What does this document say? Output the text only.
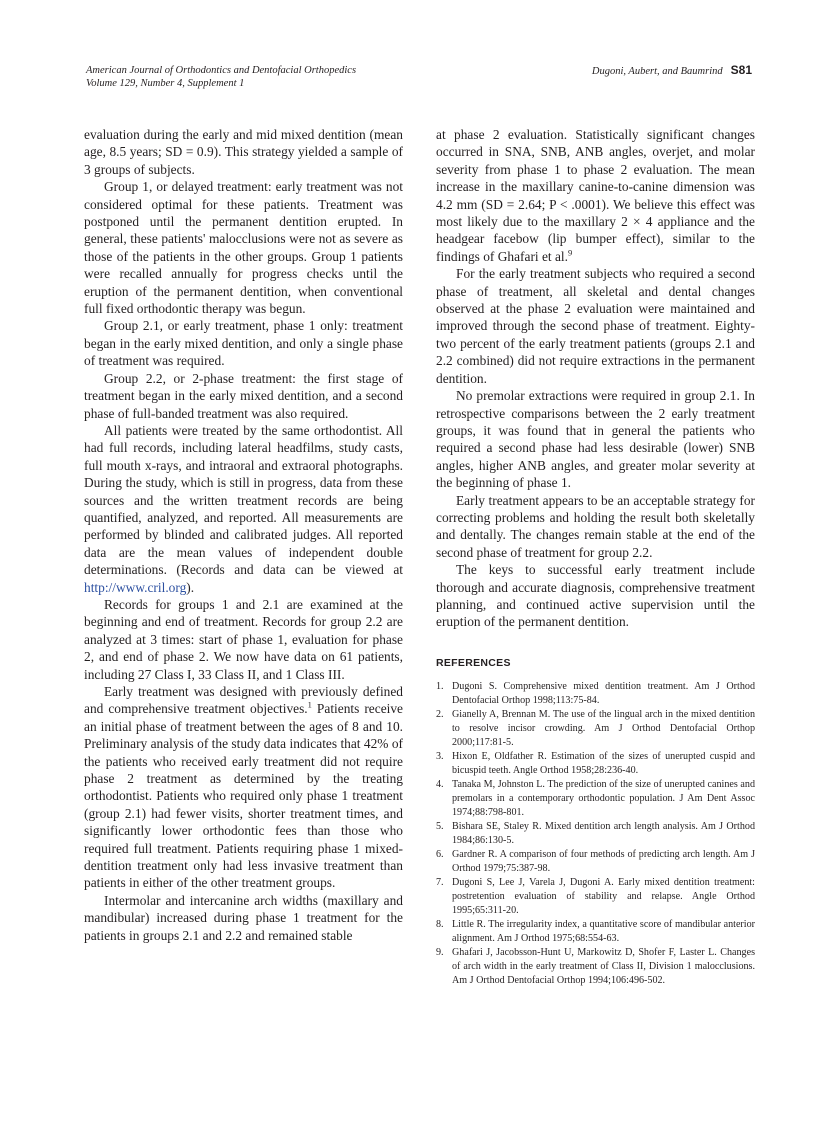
American Journal of Orthodontics and Dentofacial Orthopedics
Volume 129, Number 4, Supplement 1
Dugoni, Aubert, and Baumrind S81

evaluation during the early and mid mixed dentition (mean age, 8.5 years; SD = 0.9). This strategy yielded a sample of 3 groups of subjects.

Group 1, or delayed treatment: early treatment was not considered optimal for these patients. Treatment was postponed until the permanent dentition erupted. In general, these patients' malocclusions were not as severe as those of the patients in the other groups. Group 1 patients were recalled annually for progress checks until the eruption of the permanent dentition, when conventional full fixed orthodontic therapy was begun.

Group 2.1, or early treatment, phase 1 only: treatment began in the early mixed dentition, and only a single phase of treatment was required.

Group 2.2, or 2-phase treatment: the first stage of treatment began in the early mixed dentition, and a second phase of full-banded treatment was also required.

All patients were treated by the same orthodontist. All had full records, including lateral headfilms, study casts, full mouth x-rays, and intraoral and extraoral photographs. During the study, which is still in progress, data from these sources and the written treatment records are being quantified, analyzed, and reported. All measurements are performed by blinded and calibrated judges. All reported data are the mean values of independent double determinations. (Records and data can be viewed at http://www.cril.org).

Records for groups 1 and 2.1 are examined at the beginning and end of treatment. Records for group 2.2 are analyzed at 3 times: start of phase 1, evaluation for phase 2, and end of phase 2. We now have data on 61 patients, including 27 Class I, 33 Class II, and 1 Class III.

Early treatment was designed with previously defined and comprehensive treatment objectives.$^1$ Patients receive an initial phase of treatment between the ages of 8 and 10. Preliminary analysis of the study data indicates that 42% of the patients who received early treatment did not require phase 2 treatment as determined by the treating orthodontist. Patients who required only phase 1 treatment (group 2.1) had fewer visits, shorter treatment times, and significantly lower orthodontic fees than those who required full treatment. Patients requiring phase 1 mixed-dentition treatment only had less invasive treatment than patients in either of the other treatment groups.

Intermolar and intercanine arch widths (maxillary and mandibular) increased during phase 1 treatment for the patients in groups 2.1 and 2.2 and remained stable

at phase 2 evaluation. Statistically significant changes occurred in SNA, SNB, ANB angles, overjet, and molar severity from phase 1 to phase 2 evaluation. The mean increase in the maxillary canine-to-canine dimension was 4.2 mm (SD = 2.64; P < .0001). We believe this effect was most likely due to the maxillary 2 × 4 appliance and the headgear facebow (lip bumper effect), similar to the findings of Ghafari et al.$^9$

For the early treatment subjects who required a second phase of treatment, all skeletal and dental changes observed at the phase 2 evaluation were maintained and improved through the second phase of treatment. Eighty-two percent of the early treatment patients (groups 2.1 and 2.2 combined) did not require extractions in the permanent dentition.

No premolar extractions were required in group 2.1. In retrospective comparisons between the 2 early treatment groups, it was found that in general the patients who required a second phase had less desirable (lower) SNB angles, higher ANB angles, and greater molar severity at the beginning of phase 1.

Early treatment appears to be an acceptable strategy for correcting problems and holding the result both skeletally and dentally. The changes remain stable at the end of the second phase of treatment for group 2.2.

The keys to successful early treatment include thorough and accurate diagnosis, comprehensive treatment planning, and continued active supervision until the eruption of the permanent dentition.

REFERENCES
1. Dugoni S. Comprehensive mixed dentition treatment. Am J Orthod Dentofacial Orthop 1998;113:75-84.
2. Gianelly A, Brennan M. The use of the lingual arch in the mixed dentition to resolve incisor crowding. Am J Orthod Dentofacial Orthop 2000;117:81-5.
3. Hixon E, Oldfather R. Estimation of the sizes of unerupted cuspid and bicuspid teeth. Angle Orthod 1958;28:236-40.
4. Tanaka M, Johnston L. The prediction of the size of unerupted canines and premolars in a contemporary orthodontic population. J Am Dent Assoc 1974;88:798-801.
5. Bishara SE, Staley R. Mixed dentition arch length analysis. Am J Orthod 1984;86:130-5.
6. Gardner R. A comparison of four methods of predicting arch length. Am J Orthod 1979;75:387-98.
7. Dugoni S, Lee J, Varela J, Dugoni A. Early mixed dentition treatment: postretention evaluation of stability and relapse. Angle Orthod 1995;65:311-20.
8. Little R. The irregularity index, a quantitative score of mandibular anterior alignment. Am J Orthod 1975;68:554-63.
9. Ghafari J, Jacobsson-Hunt U, Markowitz D, Shofer F, Laster L. Changes of arch width in the early treatment of Class II, Division 1 malocclusions. Am J Orthod Dentofacial Orthop 1994;106:496-502.
